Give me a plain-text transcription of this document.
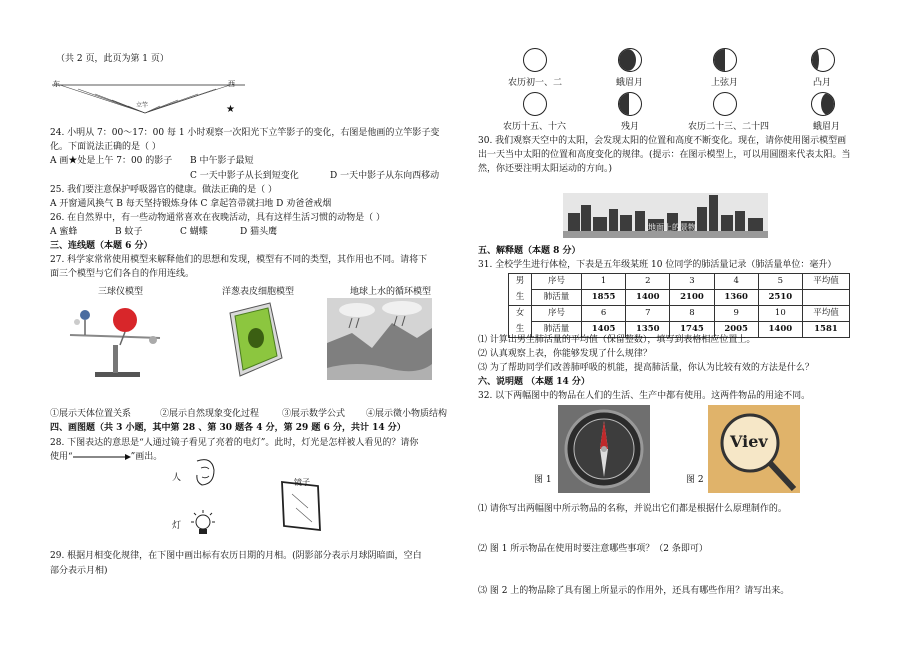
（共 2 页，此页为第 1 页）
东	西
立竿	★
24. 小明从 7：00～17：00 每 1 小时观察一次阳光下立竿影子的变化，右图是他画的立竿影子变
化。下面说法正确的是（ ）
A 画★处是上午 7：00 的影子 B 中午影子最短
C 一天中影子从长到短变化	D 一天中影子从东向西移动
25. 我们要注意保护呼吸器官的健康。做法正确的是（ ）
A 开窗通风换气 B 每天坚持锻炼身体 C 拿起笤帚就扫地 D 劝爸爸戒烟
26. 在自然界中，有一些动物通常喜欢在夜晚活动，具有这样生活习惯的动物是（ ）
A 蜜蜂	B 蚊子	C 蝴蝶	D 猫头鹰
三、连线题（本题 6 分）
27. 科学家常常使用模型来解释他们的思想和发现，模型有不同的类型，其作用也不同。请将下
面三个模型与它们各自的作用连线。
三球仪模型	洋葱表皮细胞模型	地球上水的循环模型
①展示天体位置关系	②展示自然现象变化过程	③展示数学公式 ④展示微小物质结构
四、画图题（共 3 小题，其中第 28 、第 30 题各 4 分，第 29 题 6 分，共计 14 分）
28. 下图表达的意思是“人通过镜子看见了亮着的电灯”。此时，灯光是怎样被人看见的？请你
使用“	”画出。
人	镜子
灯
29. 根据月相变化规律，在下图中画出标有农历日期的月相。(阴影部分表示月球阴暗面，空白
部分表示月相)
农历初一、二	蛾眉月	上弦月	凸月
农历十五、十六	残月	农历二十三、二十四	蛾眉月
30. 我们观察天空中的太阳，会发现太阳的位置和高度不断变化。现在，请你使用图示模型画
出一天当中太阳的位置和高度变化的规律。(提示：在图示模型上，可以用圆圈来代表太阳。当
然，你还要注明太阳运动的方向。)
地面上的景物
五、解释题（本题 8 分）
31. 全校学生进行体检，下表是五年级某班 10 位同学的肺活量记录（肺活量单位：毫升）
男	序号	1	2	3	4	5	平均值
生	肺活量	1855	1400	2100	1360	2510	
女	序号	6	7	8	9	10	平均值
生	肺活量	1405	1350	1745	2005	1400	1581
⑴ 计算出男生肺活量的平均值（保留整数），填写到表格相应位置上。
⑵ 认真观察上表，你能够发现了什么规律？
⑶ 为了帮助同学们改善肺呼吸的机能，提高肺活量，你认为比较有效的方法是什么？
六、说明题 （本题 14 分）
32. 以下两幅图中的物品在人们的生活、生产中都有使用。这两件物品的用途不同。
图 1
Viev
图 2
⑴ 请你写出两幅图中所示物品的名称，并说出它们都是根据什么原理制作的。
⑵ 图 1 所示物品在使用时要注意哪些事项？（2 条即可）
⑶ 图 2 上的物品除了具有图上所显示的作用外，还具有哪些作用？请写出来。
